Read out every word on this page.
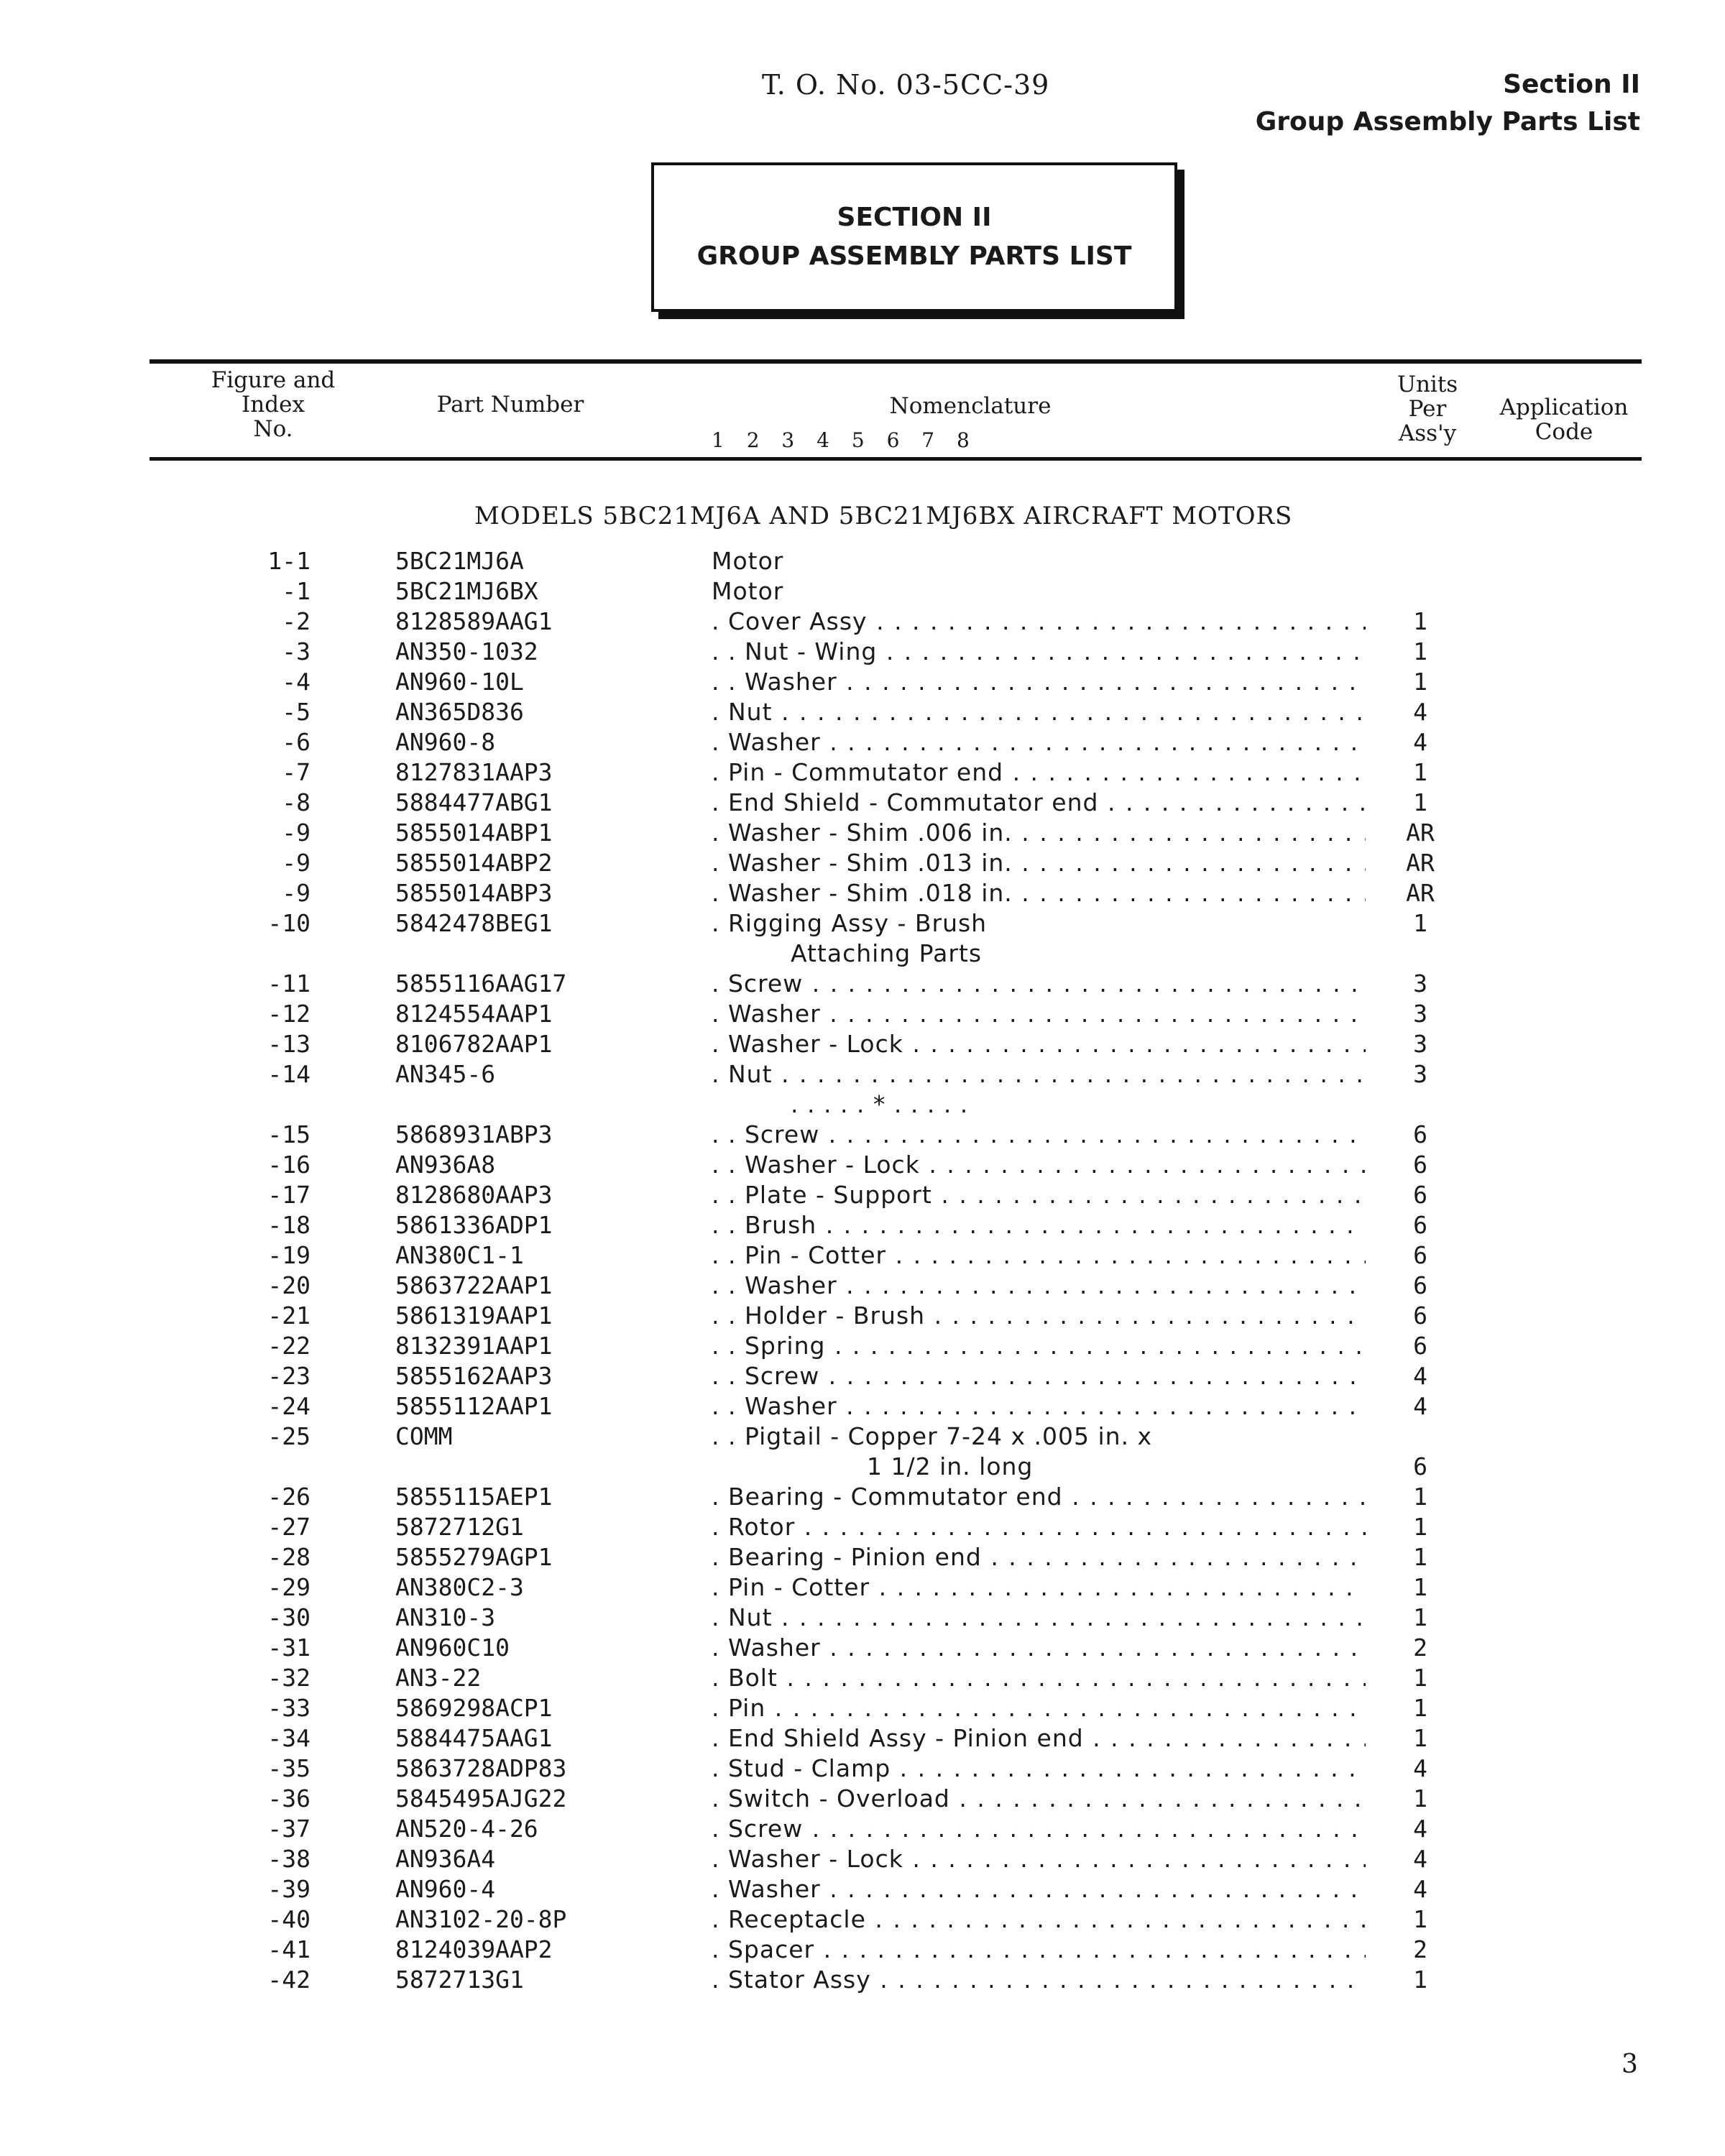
T. O. No. 03-5CC-39	Section II
Group Assembly Parts List
SECTION II
GROUP ASSEMBLY PARTS LIST
Figure and
Index
No.
Part Number	Nomenclature
1 2 3 4 5 6 7 8
Units
Per
Ass'y
Application
Code
MODELS 5BC21MJ6A AND 5BC21MJ6BX AIRCRAFT MOTORS
1-1	5BC21MJ6A	Motor
-1	5BC21MJ6BX	Motor
-2	8128589AAG1	. Cover Assy . . .	1
-3	AN350-1032	. . Nut - Wing . . .	1
-4	AN960-10L	. . Washer . . .	1
-5	AN365D836	. Nut . . .	4
-6	AN960-8	. Washer . . .	4
-7	8127831AAP3	. Pin - Commutator end . . .	1
-8	5884477ABG1	. End Shield - Commutator end . . .	1
-9	5855014ABP1	. Washer - Shim .006 in. . . .	AR
-9	5855014ABP2	. Washer - Shim .013 in. . . .	AR
-9	5855014ABP3	. Washer - Shim .018 in. . . .	AR
-10	5842478BEG1	. Rigging Assy - Brush	1
Attaching Parts
-11	5855116AAG17	. Screw . . .	3
-12	8124554AAP1	. Washer . . .	3
-13	8106782AAP1	. Washer - Lock . . .	3
-14	AN345-6	. Nut . . .	3
. . . . . * . . . . .
-15	5868931ABP3	. . Screw . . .	6
-16	AN936A8	. . Washer - Lock . . .	6
-17	8128680AAP3	. . Plate - Support . . .	6
-18	5861336ADP1	. . Brush . . .	6
-19	AN380C1-1	. . Pin - Cotter . . .	6
-20	5863722AAP1	. . Washer . . .	6
-21	5861319AAP1	. . Holder - Brush . . .	6
-22	8132391AAP1	. . Spring . . .	6
-23	5855162AAP3	. . Screw . . .	4
-24	5855112AAP1	. . Washer . . .	4
-25	COMM	. . Pigtail - Copper 7-24 x .005 in. x
1 1/2 in. long	6
-26	5855115AEP1	. Bearing - Commutator end . . .	1
-27	5872712G1	. Rotor . . .	1
-28	5855279AGP1	. Bearing - Pinion end . . .	1
-29	AN380C2-3	. Pin - Cotter . . .	1
-30	AN310-3	. Nut . . .	1
-31	AN960C10	. Washer . . .	2
-32	AN3-22	. Bolt . . .	1
-33	5869298ACP1	. Pin . . .	1
-34	5884475AAG1	. End Shield Assy - Pinion end . . .	1
-35	5863728ADP83	. Stud - Clamp . . .	4
-36	5845495AJG22	. Switch - Overload . . .	1
-37	AN520-4-26	. Screw . . .	4
-38	AN936A4	. Washer - Lock . . .	4
-39	AN960-4	. Washer . . .	4
-40	AN3102-20-8P	. Receptacle . . .	1
-41	8124039AAP2	. Spacer . . .	2
-42	5872713G1	. Stator Assy . . .	1
3
